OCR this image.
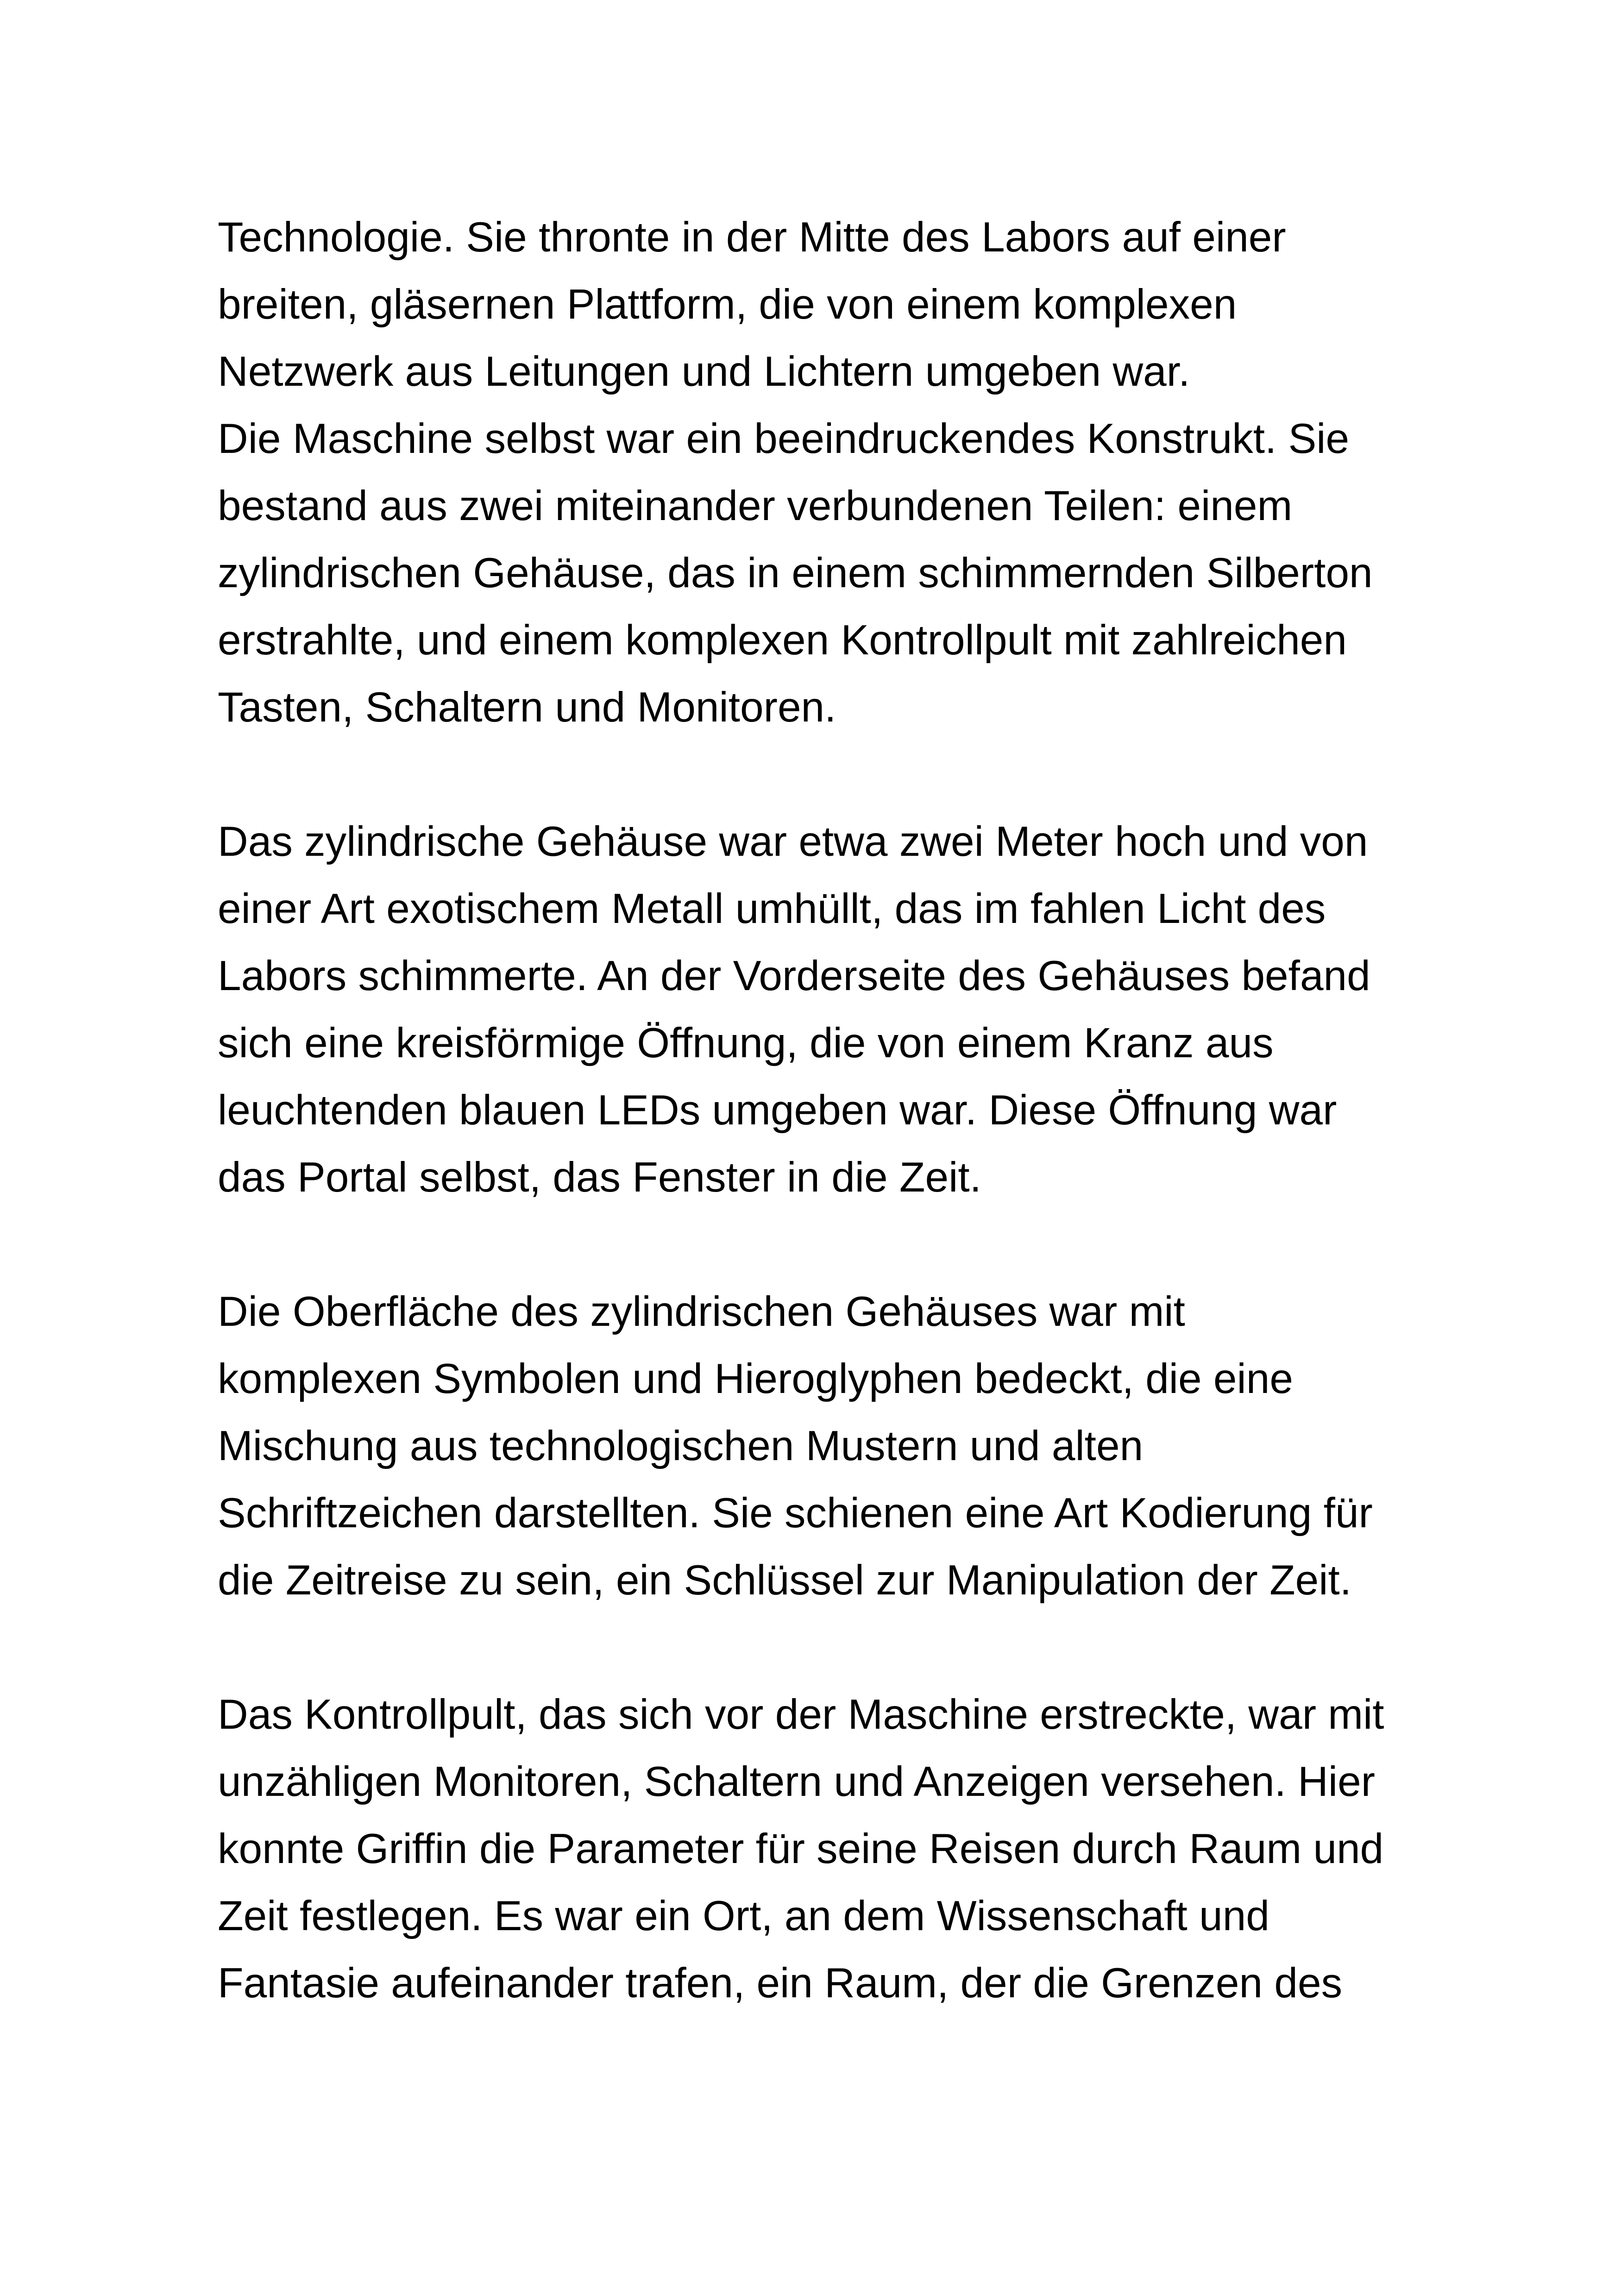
Technologie. Sie thronte in der Mitte des Labors auf einer
breiten, gläsernen Plattform, die von einem komplexen
Netzwerk aus Leitungen und Lichtern umgeben war.
Die Maschine selbst war ein beeindruckendes Konstrukt. Sie
bestand aus zwei miteinander verbundenen Teilen: einem
zylindrischen Gehäuse, das in einem schimmernden Silberton
erstrahlte, und einem komplexen Kontrollpult mit zahlreichen
Tasten, Schaltern und Monitoren.
Das zylindrische Gehäuse war etwa zwei Meter hoch und von
einer Art exotischem Metall umhüllt, das im fahlen Licht des
Labors schimmerte. An der Vorderseite des Gehäuses befand
sich eine kreisförmige Öffnung, die von einem Kranz aus
leuchtenden blauen LEDs umgeben war. Diese Öffnung war
das Portal selbst, das Fenster in die Zeit.
Die Oberfläche des zylindrischen Gehäuses war mit
komplexen Symbolen und Hieroglyphen bedeckt, die eine
Mischung aus technologischen Mustern und alten
Schriftzeichen darstellten. Sie schienen eine Art Kodierung für
die Zeitreise zu sein, ein Schlüssel zur Manipulation der Zeit.
Das Kontrollpult, das sich vor der Maschine erstreckte, war mit
unzähligen Monitoren, Schaltern und Anzeigen versehen. Hier
konnte Griffin die Parameter für seine Reisen durch Raum und
Zeit festlegen. Es war ein Ort, an dem Wissenschaft und
Fantasie aufeinander trafen, ein Raum, der die Grenzen des
